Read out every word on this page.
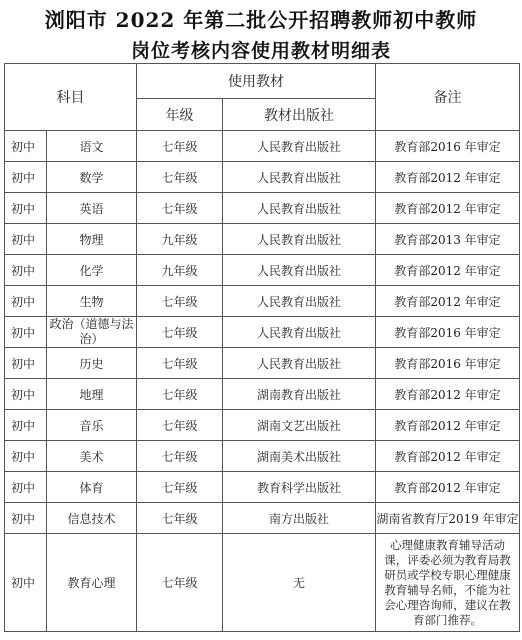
浏阳市 2022 年第二批公开招聘教师初中教师
岗位考核内容使用教材明细表
科目		使用教材		备注
		年级	教材出版社	
初中	语文	七年级	人民教育出版社	教育部2016 年审定
初中	数学	七年级	人民教育出版社	教育部2012 年审定
初中	英语	七年级	人民教育出版社	教育部2012 年审定
初中	物理	九年级	人民教育出版社	教育部2013 年审定
初中	化学	九年级	人民教育出版社	教育部2012 年审定
初中	生物	七年级	人民教育出版社	教育部2012 年审定
初中	政治（道德与法治）	七年级	人民教育出版社	教育部2016 年审定
初中	历史	七年级	人民教育出版社	教育部2016 年审定
初中	地理	七年级	湖南教育出版社	教育部2012 年审定
初中	音乐	七年级	湖南文艺出版社	教育部2012 年审定
初中	美术	七年级	湖南美术出版社	教育部2012 年审定
初中	体育	七年级	教育科学出版社	教育部2012 年审定
初中	信息技术	七年级	南方出版社	湖南省教育厅2019 年审定
初中	教育心理	七年级	无	心理健康教育辅导活动课，评委必须为教育局教研员或学校专职心理健康教育辅导名师，不能为社会心理咨询师，建议在教育部门推荐。
